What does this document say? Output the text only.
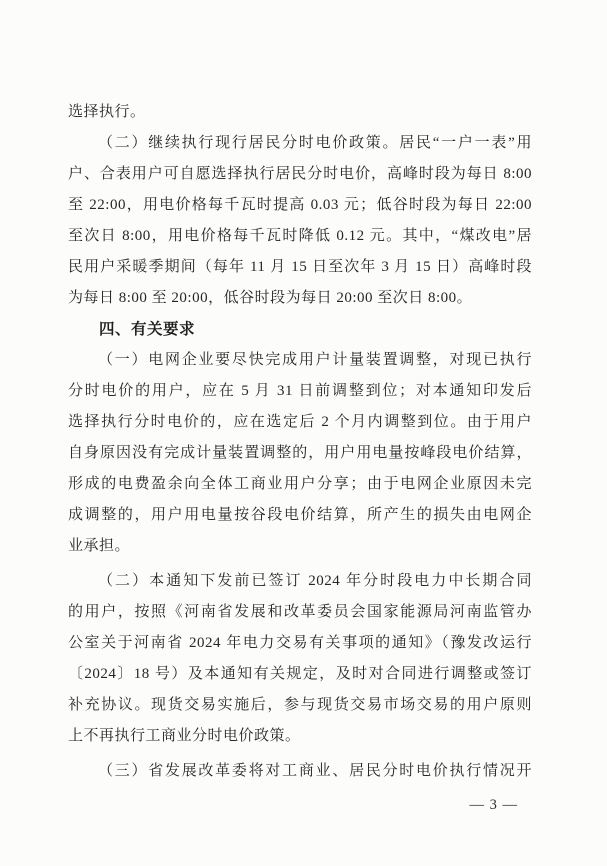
选择执行。
（二）继续执行现行居民分时电价政策。居民“一户一表”用
户、合表用户可自愿选择执行居民分时电价，高峰时段为每日 8:00
至 22:00，用电价格每千瓦时提高 0.03 元；低谷时段为每日 22:00
至次日 8:00，用电价格每千瓦时降低 0.12 元。其中，“煤改电”居
民用户采暖季期间（每年 11 月 15 日至次年 3 月 15 日）高峰时段
为每日 8:00 至 20:00，低谷时段为每日 20:00 至次日 8:00。
四、有关要求
（一）电网企业要尽快完成用户计量装置调整，对现已执行
分时电价的用户，应在 5 月 31 日前调整到位；对本通知印发后
选择执行分时电价的，应在选定后 2 个月内调整到位。由于用户
自身原因没有完成计量装置调整的，用户用电量按峰段电价结算，
形成的电费盈余向全体工商业用户分享；由于电网企业原因未完
成调整的，用户用电量按谷段电价结算，所产生的损失由电网企
业承担。
（二）本通知下发前已签订 2024 年分时段电力中长期合同
的用户，按照《河南省发展和改革委员会国家能源局河南监管办
公室关于河南省 2024 年电力交易有关事项的通知》（豫发改运行
〔2024〕18 号）及本通知有关规定，及时对合同进行调整或签订
补充协议。现货交易实施后，参与现货交易市场交易的用户原则
上不再执行工商业分时电价政策。
（三）省发展改革委将对工商业、居民分时电价执行情况开
— 3 —
